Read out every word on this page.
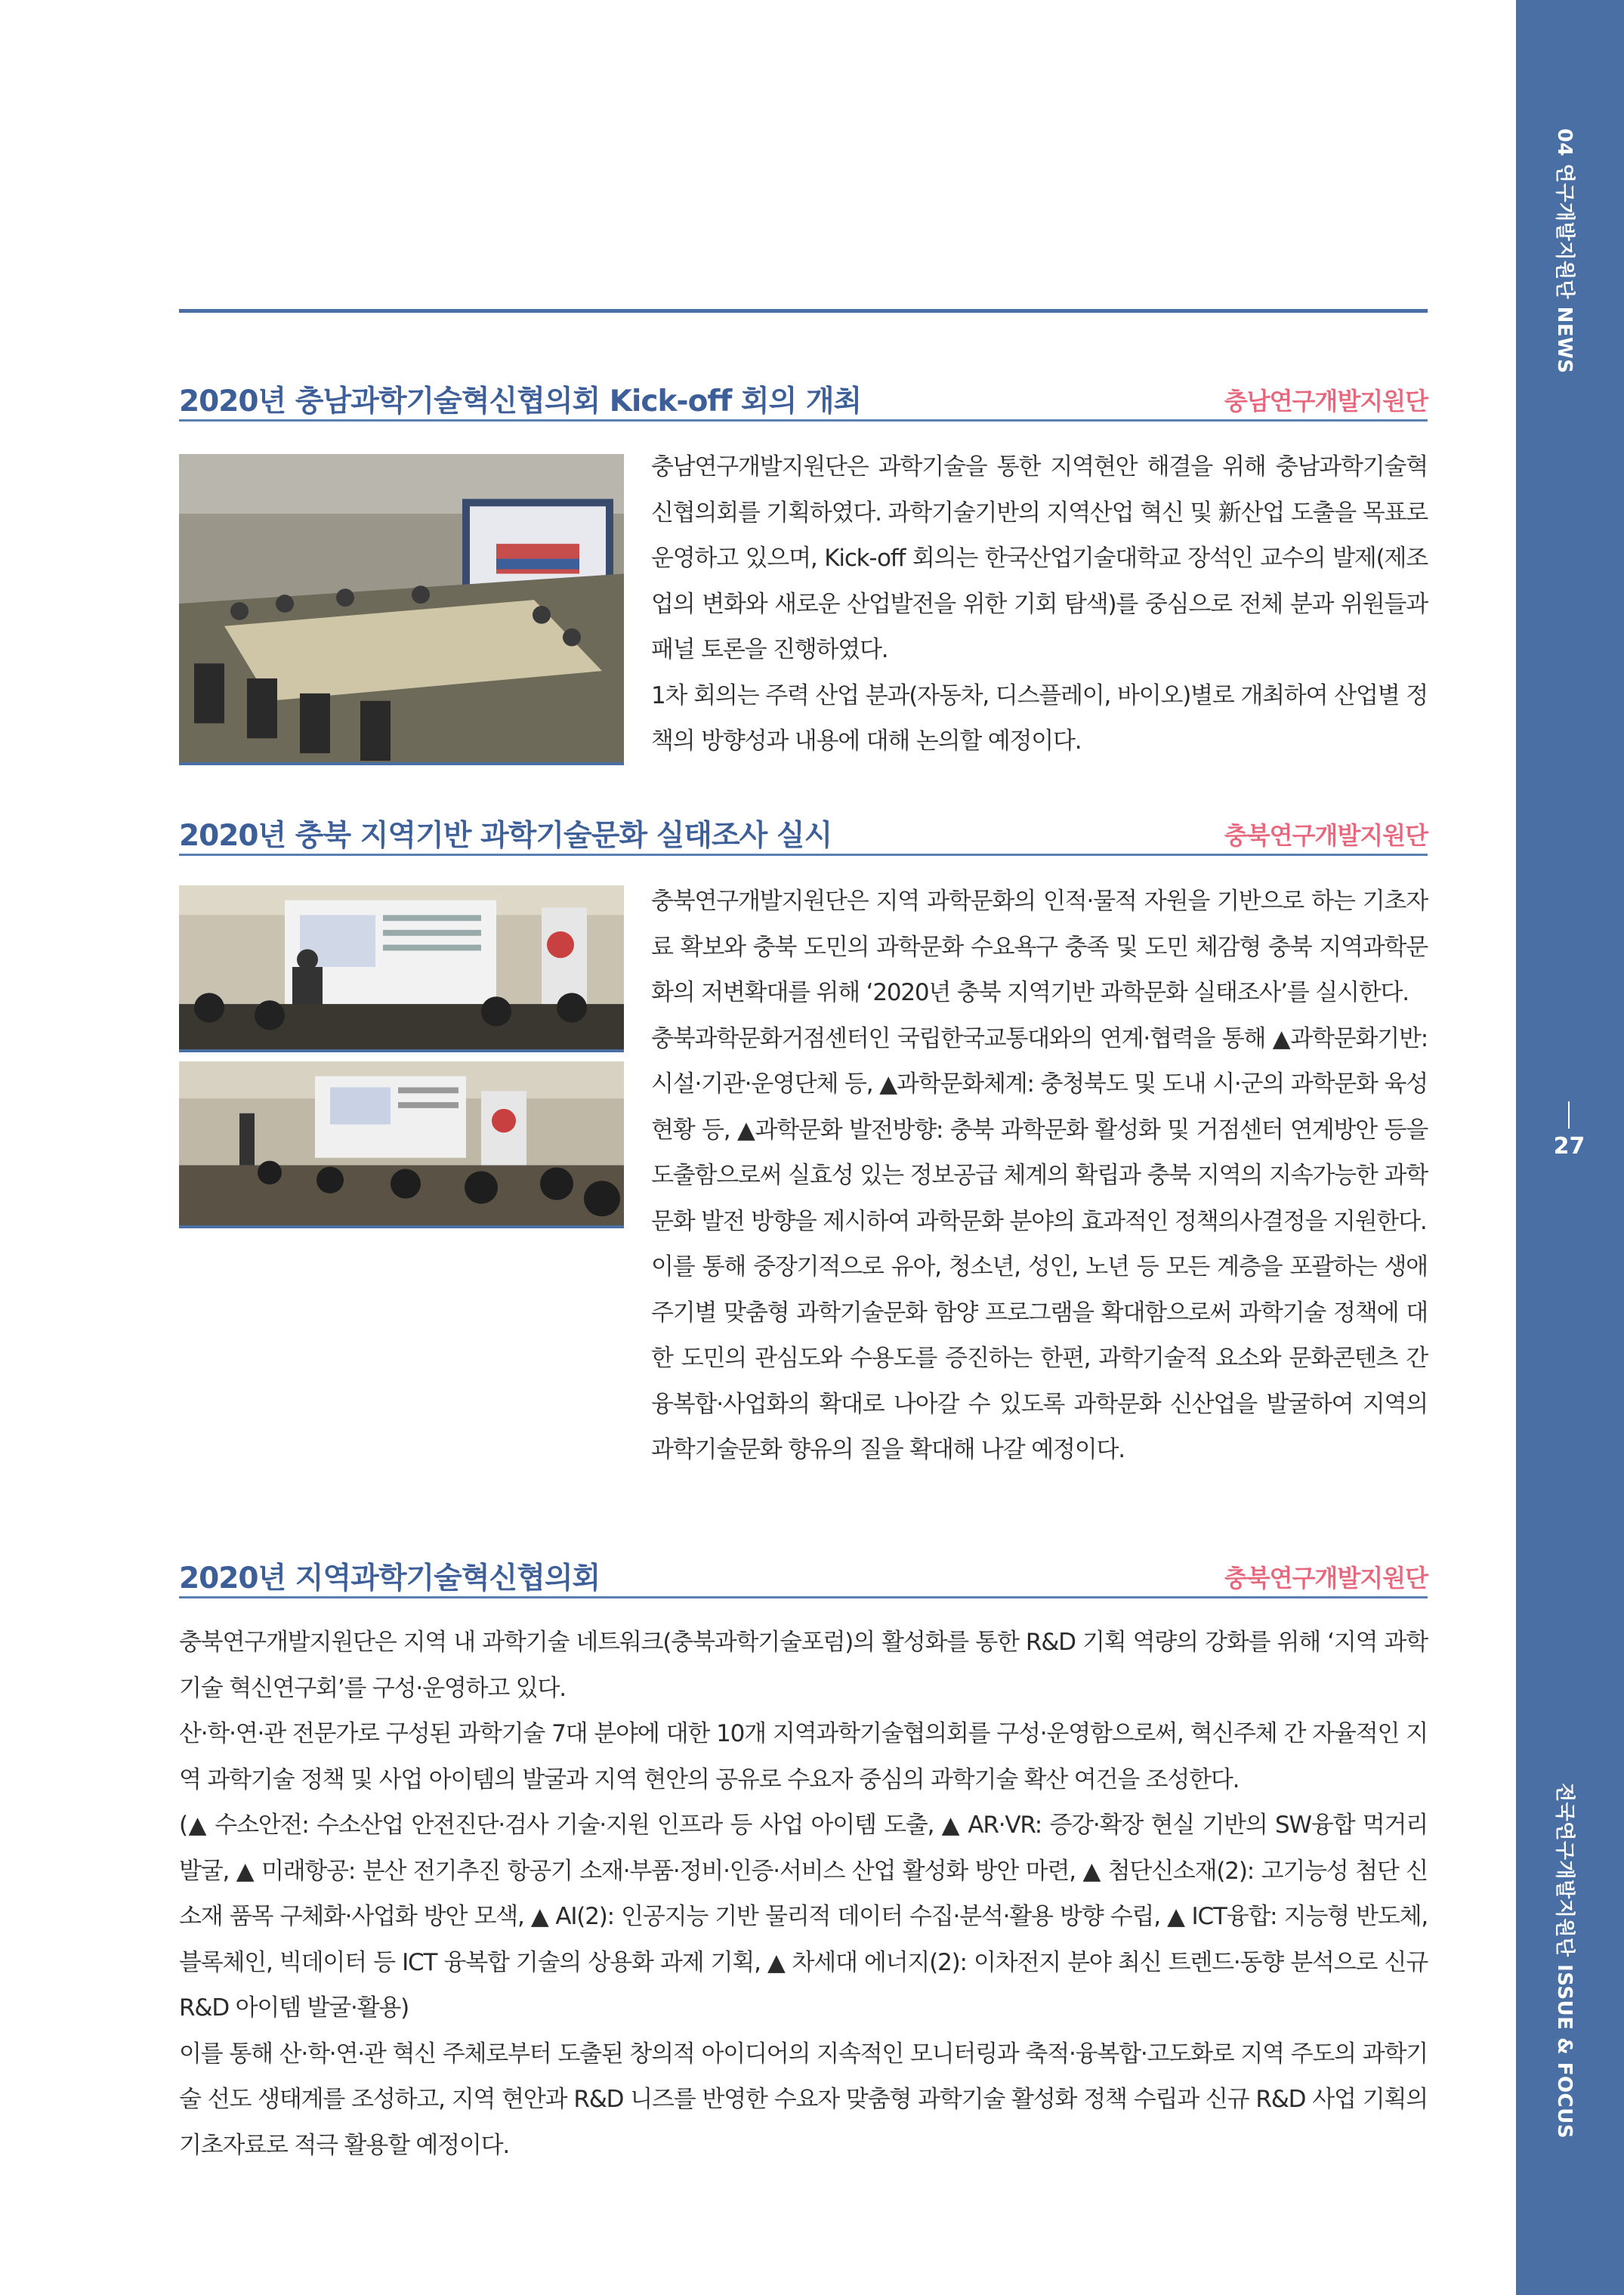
04 연구개발지원단 NEWS
27
전국연구개발지원단 ISSUE & FOCUS
2020년 충남과학기술혁신협의회 Kick-off 회의 개최	충남연구개발지원단

충남연구개발지원단은 과학기술을 통한 지역현안 해결을 위해 충남과학기술혁신협의회를 기획하였다. 과학기술기반의 지역산업 혁신 및 新산업 도출을 목표로 운영하고 있으며, Kick-off 회의는 한국산업기술대학교 장석인 교수의 발제(제조업의 변화와 새로운 산업발전을 위한 기회 탐색)를 중심으로 전체 분과 위원들과 패널 토론을 진행하였다.

1차 회의는 주력 산업 분과(자동차, 디스플레이, 바이오)별로 개최하여 산업별 정책의 방향성과 내용에 대해 논의할 예정이다.

2020년 충북 지역기반 과학기술문화 실태조사 실시	충북연구개발지원단

충북연구개발지원단은 지역 과학문화의 인적·물적 자원을 기반으로 하는 기초자료 확보와 충북 도민의 과학문화 수요욕구 충족 및 도민 체감형 충북 지역과학문화의 저변확대를 위해 ‘2020년 충북 지역기반 과학문화 실태조사’를 실시한다.

충북과학문화거점센터인 국립한국교통대와의 연계·협력을 통해 ▲과학문화기반: 시설·기관·운영단체 등, ▲과학문화체계: 충청북도 및 도내 시·군의 과학문화 육성현황 등, ▲과학문화 발전방향: 충북 과학문화 활성화 및 거점센터 연계방안 등을 도출함으로써 실효성 있는 정보공급 체계의 확립과 충북 지역의 지속가능한 과학문화 발전 방향을 제시하여 과학문화 분야의 효과적인 정책의사결정을 지원한다.

이를 통해 중장기적으로 유아, 청소년, 성인, 노년 등 모든 계층을 포괄하는 생애주기별 맞춤형 과학기술문화 함양 프로그램을 확대함으로써 과학기술 정책에 대한 도민의 관심도와 수용도를 증진하는 한편, 과학기술적 요소와 문화콘텐츠 간 융복합·사업화의 확대로 나아갈 수 있도록 과학문화 신산업을 발굴하여 지역의 과학기술문화 향유의 질을 확대해 나갈 예정이다.

2020년 지역과학기술혁신협의회	충북연구개발지원단

충북연구개발지원단은 지역 내 과학기술 네트워크(충북과학기술포럼)의 활성화를 통한 R&D 기획 역량의 강화를 위해 ‘지역 과학기술 혁신연구회’를 구성·운영하고 있다.

산·학·연·관 전문가로 구성된 과학기술 7대 분야에 대한 10개 지역과학기술협의회를 구성·운영함으로써, 혁신주체 간 자율적인 지역 과학기술 정책 및 사업 아이템의 발굴과 지역 현안의 공유로 수요자 중심의 과학기술 확산 여건을 조성한다.

(▲ 수소안전: 수소산업 안전진단·검사 기술·지원 인프라 등 사업 아이템 도출, ▲ AR·VR: 증강·확장 현실 기반의 SW융합 먹거리 발굴, ▲ 미래항공: 분산 전기추진 항공기 소재·부품·정비·인증·서비스 산업 활성화 방안 마련, ▲ 첨단신소재(2): 고기능성 첨단 신소재 품목 구체화·사업화 방안 모색, ▲ AI(2): 인공지능 기반 물리적 데이터 수집·분석·활용 방향 수립, ▲ ICT융합: 지능형 반도체, 블록체인, 빅데이터 등 ICT 융복합 기술의 상용화 과제 기획, ▲ 차세대 에너지(2): 이차전지 분야 최신 트렌드·동향 분석으로 신규 R&D 아이템 발굴·활용)

이를 통해 산·학·연·관 혁신 주체로부터 도출된 창의적 아이디어의 지속적인 모니터링과 축적·융복합·고도화로 지역 주도의 과학기술 선도 생태계를 조성하고, 지역 현안과 R&D 니즈를 반영한 수요자 맞춤형 과학기술 활성화 정책 수립과 신규 R&D 사업 기획의 기초자료로 적극 활용할 예정이다.
